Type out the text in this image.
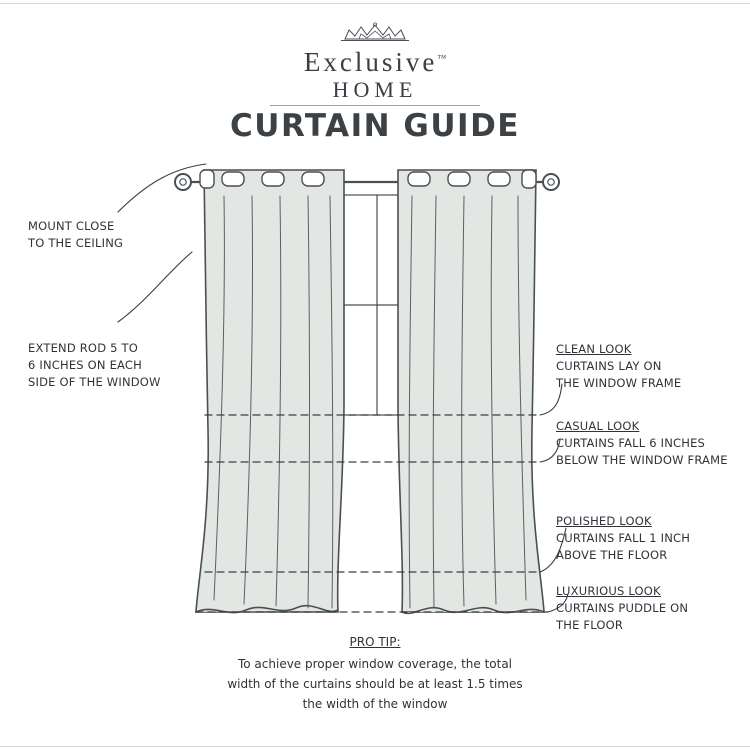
Exclusive™
HOME
CURTAIN GUIDE
MOUNT CLOSE
TO THE CEILING
EXTEND ROD 5 TO
6 INCHES ON EACH
SIDE OF THE WINDOW
CLEAN LOOK
CURTAINS LAY ON
THE WINDOW FRAME
CASUAL LOOK
CURTAINS FALL 6 INCHES
BELOW THE WINDOW FRAME
POLISHED LOOK
CURTAINS FALL 1 INCH
ABOVE THE FLOOR
LUXURIOUS LOOK
CURTAINS PUDDLE ON
THE FLOOR
PRO TIP:
To achieve proper window coverage, the total
width of the curtains should be at least 1.5 times
the width of the window
